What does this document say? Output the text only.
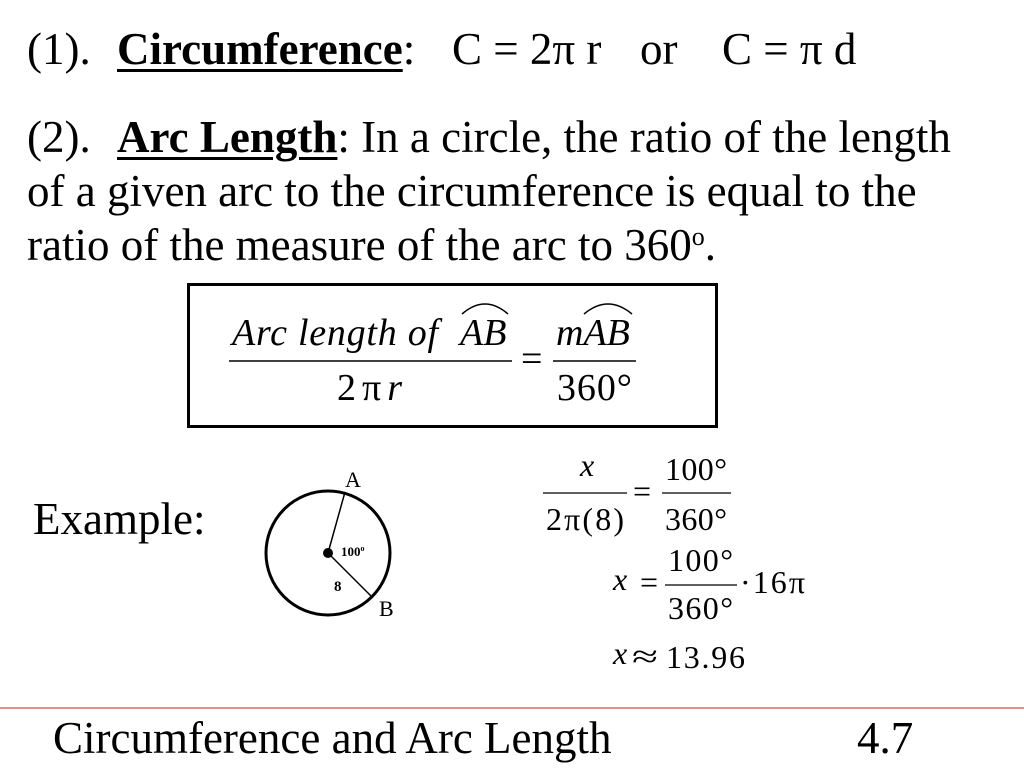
Arc length of AB
2π r
=
mAB
360°
A
B
100$^o$
8
x
2π(8)
=
100°
360°
x =
100°
360°
·16π
x ≈ 13.96
(1). Circumference: C = 2π r or C = π d
(2). Arc Length: In a circle, the ratio of the length
of a given arc to the circumference is equal to the
ratio of the measure of the arc to 360$^o$.
Example:
Circumference and Arc Length	4.7
